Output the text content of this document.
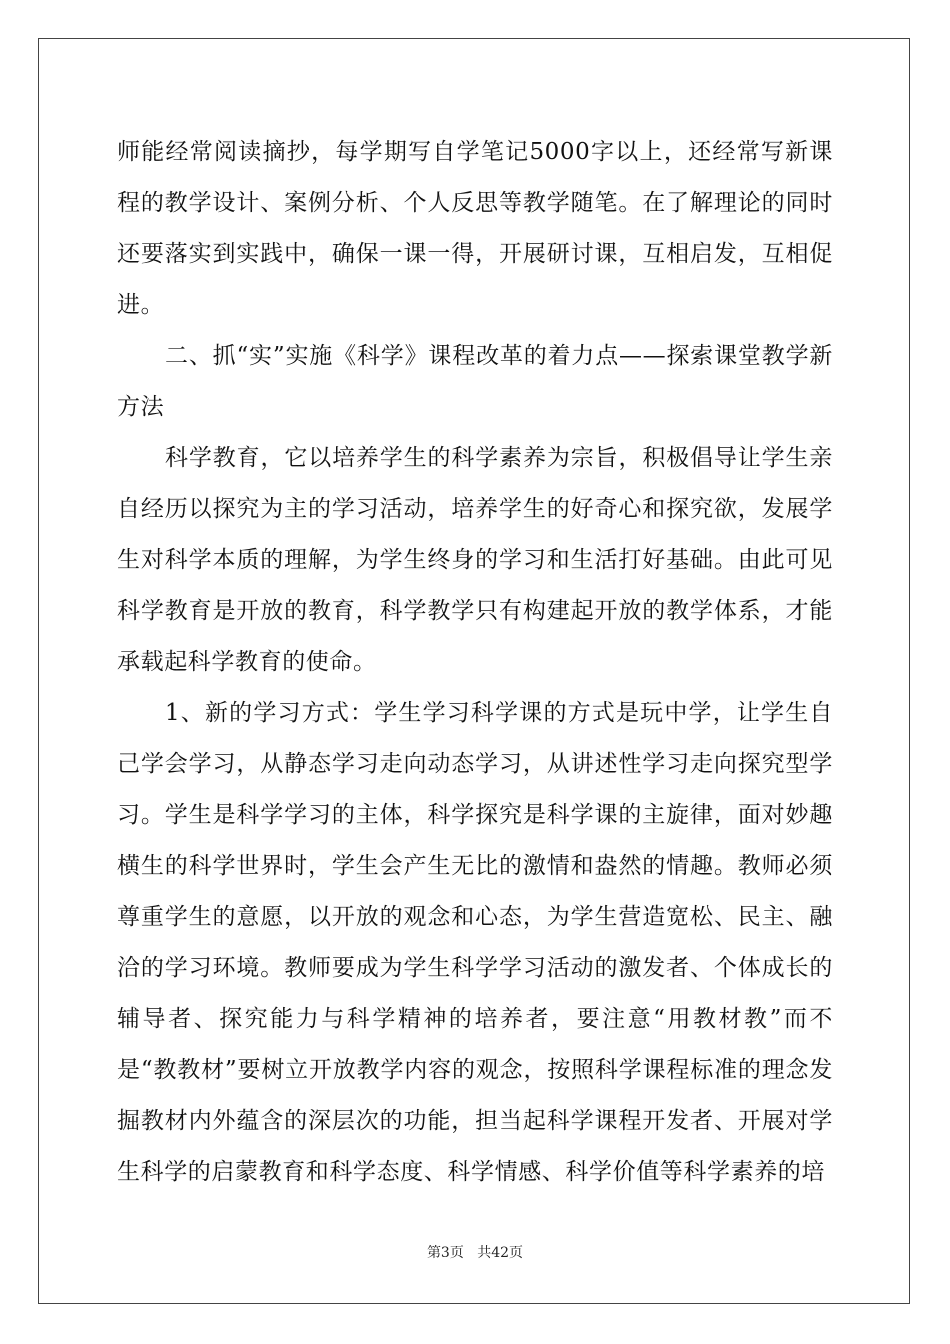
师能经常阅读摘抄，每学期写自学笔记5000字以上，还经常写新课程的教学设计、案例分析、个人反思等教学随笔。在了解理论的同时还要落实到实践中，确保一课一得，开展研讨课，互相启发，互相促进。

二、抓“实”实施《科学》课程改革的着力点——探索课堂教学新方法

科学教育，它以培养学生的科学素养为宗旨，积极倡导让学生亲自经历以探究为主的学习活动，培养学生的好奇心和探究欲，发展学生对科学本质的理解，为学生终身的学习和生活打好基础。由此可见科学教育是开放的教育，科学教学只有构建起开放的教学体系，才能承载起科学教育的使命。

1、新的学习方式：学生学习科学课的方式是玩中学，让学生自己学会学习，从静态学习走向动态学习，从讲述性学习走向探究型学习。学生是科学学习的主体，科学探究是科学课的主旋律，面对妙趣横生的科学世界时，学生会产生无比的激情和盎然的情趣。教师必须尊重学生的意愿，以开放的观念和心态，为学生营造宽松、民主、融洽的学习环境。教师要成为学生科学学习活动的激发者、个体成长的辅导者、探究能力与科学精神的培养者，要注意“用教材教”而不是“教教材”要树立开放教学内容的观念，按照科学课程标准的理念发掘教材内外蕴含的深层次的功能，担当起科学课程开发者、开展对学生科学的启蒙教育和科学态度、科学情感、科学价值等科学素养的培

第3页 共42页
